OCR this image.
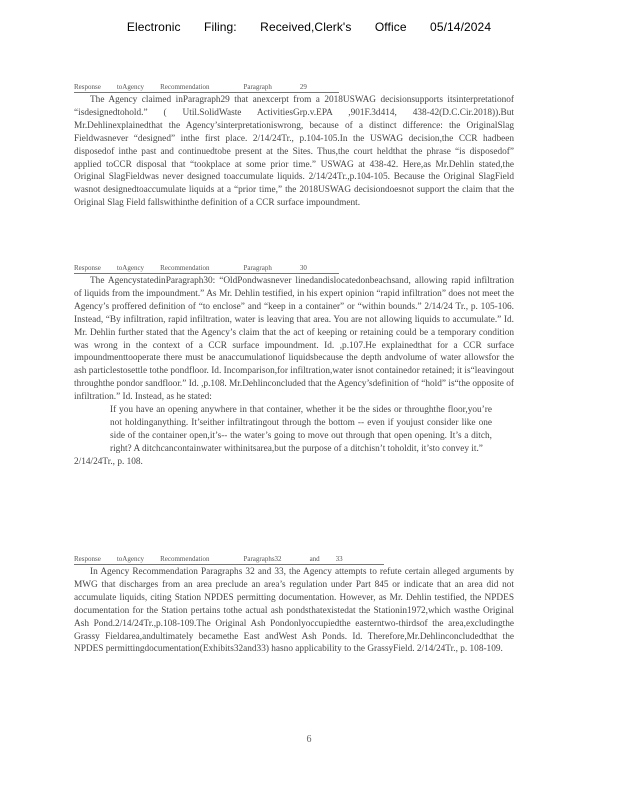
Electronic Filing: Received,Clerk's Office 05/14/2024
Response toAgency Recommendation	Paragraph	29

The Agency claimed inParagraph29 that anexcerpt from a 2018USWAG decisionsupports itsinterpretationof “isdesignedtohold.” ( Util.SolidWaste ActivitiesGrp.v.EPA ,901F.3d414, 438-42(D.C.Cir.2018)).But Mr.Dehlinexplainedthat the Agency’sinterpretationiswrong, because of a distinct difference: the OriginalSlag Fieldwasnever “designed” inthe first place. 2/14/24Tr., p.104-105.In the USWAG decision,the CCR hadbeen disposedof inthe past and continuedtobe present at the Sites. Thus,the court heldthat the phrase “is disposedof” applied toCCR disposal that “tookplace at some prior time.” USWAG at 438-42. Here,as Mr.Dehlin stated,the Original SlagFieldwas never designed toaccumulate liquids. 2/14/24Tr.,p.104-105. Because the Original SlagField wasnot designedtoaccumulate liquids at a “prior time,” the 2018USWAG decisiondoesnot support the claim that the Original Slag Field fallswithinthe definition of a CCR surface impoundment.

Response toAgency Recommendation	Paragraph	30

The AgencystatedinParagraph30: “OldPondwasnever linedandislocatedonbeachsand, allowing rapid infiltration of liquids from the impoundment.” As Mr. Dehlin testified, in his expert opinion “rapid infiltration” does not meet the Agency’s proffered definition of “to enclose” and “keep in a container” or “within bounds.” 2/14/24 Tr., p. 105-106. Instead, “By infiltration, rapid infiltration, water is leaving that area. You are not allowing liquids to accumulate.” Id. Mr. Dehlin further stated that the Agency’s claim that the act of keeping or retaining could be a temporary condition was wrong in the context of a CCR surface impoundment. Id. ,p.107.He explainedthat for a CCR surface impoundmenttooperate there must be anaccumulationof liquidsbecause the depth andvolume of water allowsfor the ash particlestosettle tothe pondfloor. Id. Incomparison,for infiltration,water isnot containedor retained; it is“leavingout throughthe pondor sandfloor.” Id. ,p.108. Mr.Dehlinconcluded that the Agency’sdefinition of “hold” is“the opposite of infiltration.” Id. Instead, as he stated:

If you have an opening anywhere in that container, whether it be the sides or throughthe floor,you’re not holdinganything. It’seither infiltratingout through the bottom -- even if youjust consider like one side of the container open,it’s-- the water’s going to move out through that open opening. It’s a ditch, right? A ditchcancontainwater withinitsarea,but the purpose of a ditchisn’t toholdit, it’sto convey it.”

2/14/24Tr., p. 108.

Response toAgency Recommendation	Paragraphs32	and 33

In Agency Recommendation Paragraphs 32 and 33, the Agency attempts to refute certain alleged arguments by MWG that discharges from an area preclude an area’s regulation under Part 845 or indicate that an area did not accumulate liquids, citing Station NPDES permitting documentation. However, as Mr. Dehlin testified, the NPDES documentation for the Station pertains tothe actual ash pondsthatexistedat the Stationin1972,which wasthe Original Ash Pond.2/14/24Tr.,p.108-109.The Original Ash Pondonlyoccupiedthe easterntwo-thirdsof the area,excludingthe Grassy Fieldarea,andultimately becamethe East andWest Ash Ponds. Id. Therefore,Mr.Dehlinconcludedthat the NPDES permittingdocumentation(Exhibits32and33) hasno applicability to the GrassyField. 2/14/24Tr., p. 108-109.

6
